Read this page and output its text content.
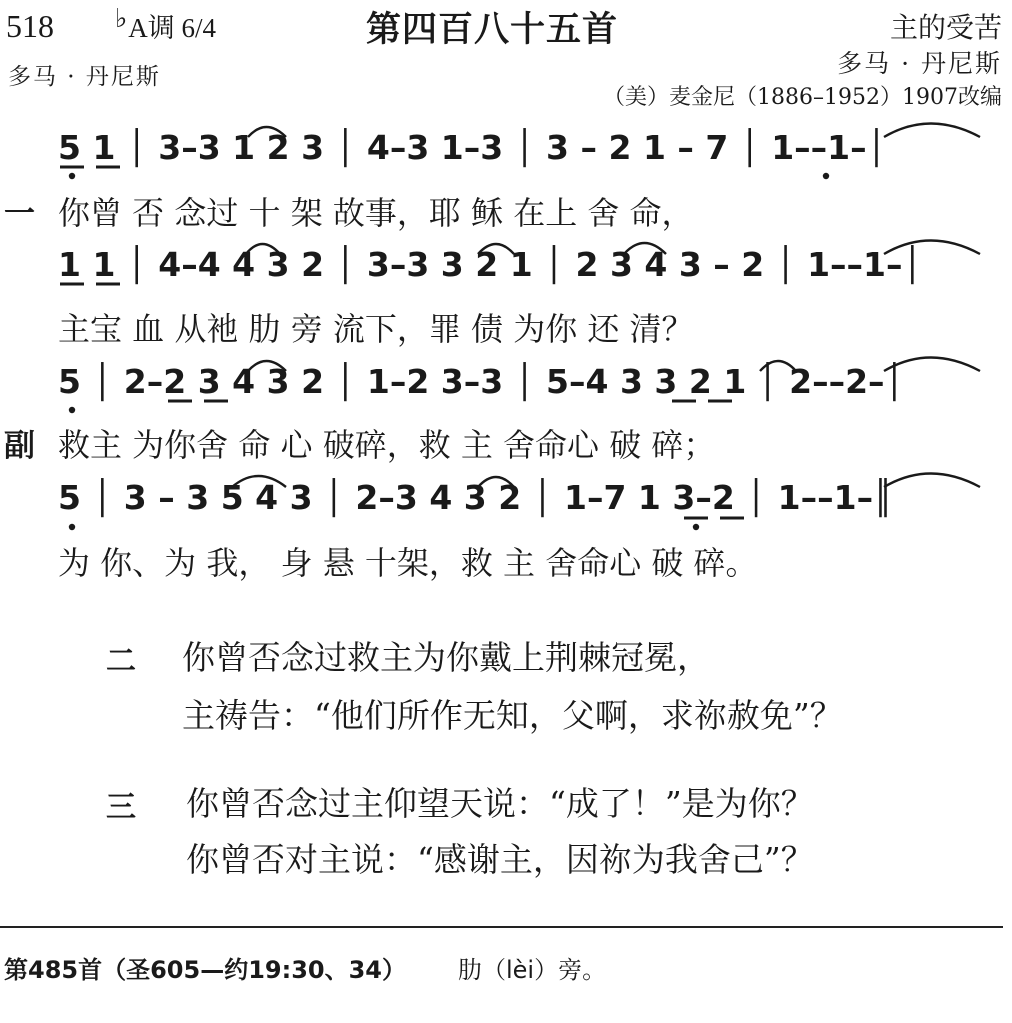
518 ♭A调 6/4	第四百八十五首	主的受苦
多马 · 丹尼斯	多马 · 丹尼斯
（美）麦金尼（1886–1952）1907改编
5 1 │ 3–3 1 2 3 │ 4–3 1–3 │ 3 – 2 1 – 7 │ 1––1–│
一 你曾 否 念过 十 架 故事，耶 稣 在上 舍 命，
1 1 │ 4–4 4 3 2 │ 3–3 3 2 1 │ 2 3 4 3 – 2 │ 1––1–│
主宝 血 从衪 肋 旁 流下，罪 债 为你 还 清？
5 │ 2–2 3 4 3 2 │ 1–2 3–3 │ 5–4 3 3 2 1 │ 2––2–│
副 救主 为你舍 命 心 破碎，救 主 舍命心 破 碎；
5 │ 3 – 3 5 4 3 │ 2–3 4 3 2 │ 1–7 1 3–2 │ 1––1–║
为 你、为 我， 身 悬 十架，救 主 舍命心 破 碎。
二 你曾否念过救主为你戴上荆棘冠冕，
主祷告：“他们所作无知，父啊，求祢赦免”？
三 你曾否念过主仰望天说：“成了！”是为你？
你曾否对主说：“感谢主，因祢为我舍己”？
第485首（圣605—约19:30、34） 肋（lèi）旁。
